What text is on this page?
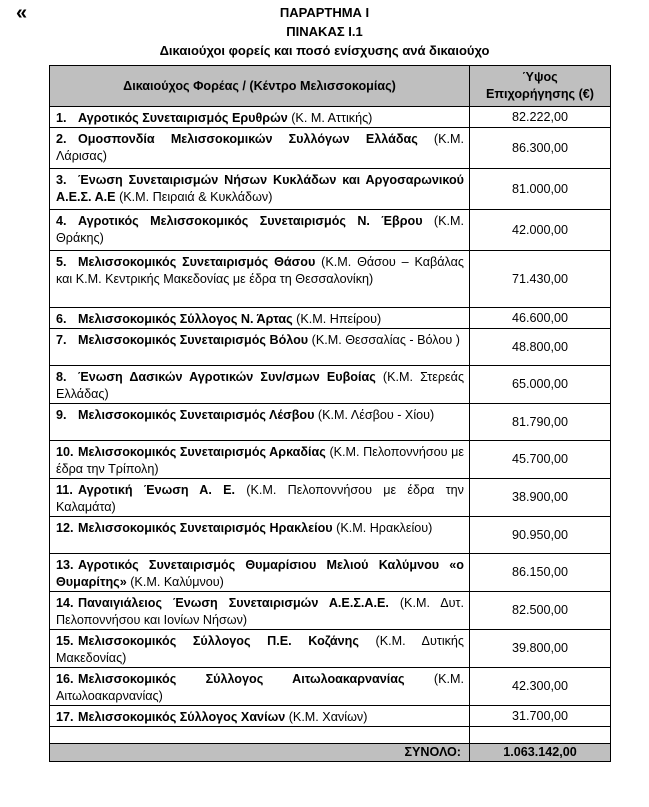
«	ΠΑΡΑΡΤΗΜΑ Ι
ΠΙΝΑΚΑΣ Ι.1
Δικαιούχοι φορείς και ποσό ενίσχυσης ανά δικαιούχο
Δικαιούχος Φορέας / (Κέντρο Μελισσοκομίας)	Ύψος
Επιχορήγησης (€)
1. Αγροτικός Συνεταιρισμός Ερυθρών (Κ. Μ. Αττικής)	82.222,00
2. Ομοσπονδία Μελισσοκομικών Συλλόγων Ελλάδας (Κ.Μ. Λάρισας)	86.300,00
3. Ένωση Συνεταιρισμών Νήσων Κυκλάδων και Αργοσαρωνικού Α.Ε.Σ. Α.Ε (Κ.Μ. Πειραιά & Κυκλάδων)	81.000,00
4. Αγροτικός Μελισσοκομικός Συνεταιρισμός Ν. Έβρου (Κ.Μ. Θράκης)	42.000,00
5. Μελισσοκομικός Συνεταιρισμός Θάσου (Κ.Μ. Θάσου – Καβάλας και Κ.Μ. Κεντρικής Μακεδονίας με έδρα τη Θεσσαλονίκη)	71.430,00
6. Μελισσοκομικός Σύλλογος Ν. Άρτας (Κ.Μ. Ηπείρου)	46.600,00
7. Μελισσοκομικός Συνεταιρισμός Βόλου (Κ.Μ. Θεσσαλίας - Βόλου )	48.800,00
8. Ένωση Δασικών Αγροτικών Συν/σμων Ευβοίας (Κ.Μ. Στερεάς Ελλάδας)	65.000,00
9. Μελισσοκομικός Συνεταιρισμός Λέσβου (Κ.Μ. Λέσβου - Χίου)	81.790,00
10. Μελισσοκομικός Συνεταιρισμός Αρκαδίας (Κ.Μ. Πελοποννήσου με έδρα την Τρίπολη)	45.700,00
11. Αγροτική Ένωση Α. Ε. (Κ.Μ. Πελοποννήσου με έδρα την Καλαμάτα)	38.900,00
12. Μελισσοκομικός Συνεταιρισμός Ηρακλείου (Κ.Μ. Ηρακλείου)	90.950,00
13. Αγροτικός Συνεταιρισμός Θυμαρίσιου Μελιού Καλύμνου «ο Θυμαρίτης» (Κ.Μ. Καλύμνου)	86.150,00
14. Παναιγιάλειος Ένωση Συνεταιρισμών Α.Ε.Σ.Α.Ε. (Κ.Μ. Δυτ. Πελοποννήσου και Ιονίων Νήσων)	82.500,00
15. Μελισσοκομικός Σύλλογος Π.Ε. Κοζάνης (Κ.Μ. Δυτικής Μακεδονίας)	39.800,00
16. Μελισσοκομικός Σύλλογος Αιτωλοακαρνανίας (Κ.Μ. Αιτωλοακαρνανίας)	42.300,00
17. Μελισσοκομικός Σύλλογος Χανίων (Κ.Μ. Χανίων)	31.700,00

ΣΥΝΟΛΟ:	1.063.142,00
